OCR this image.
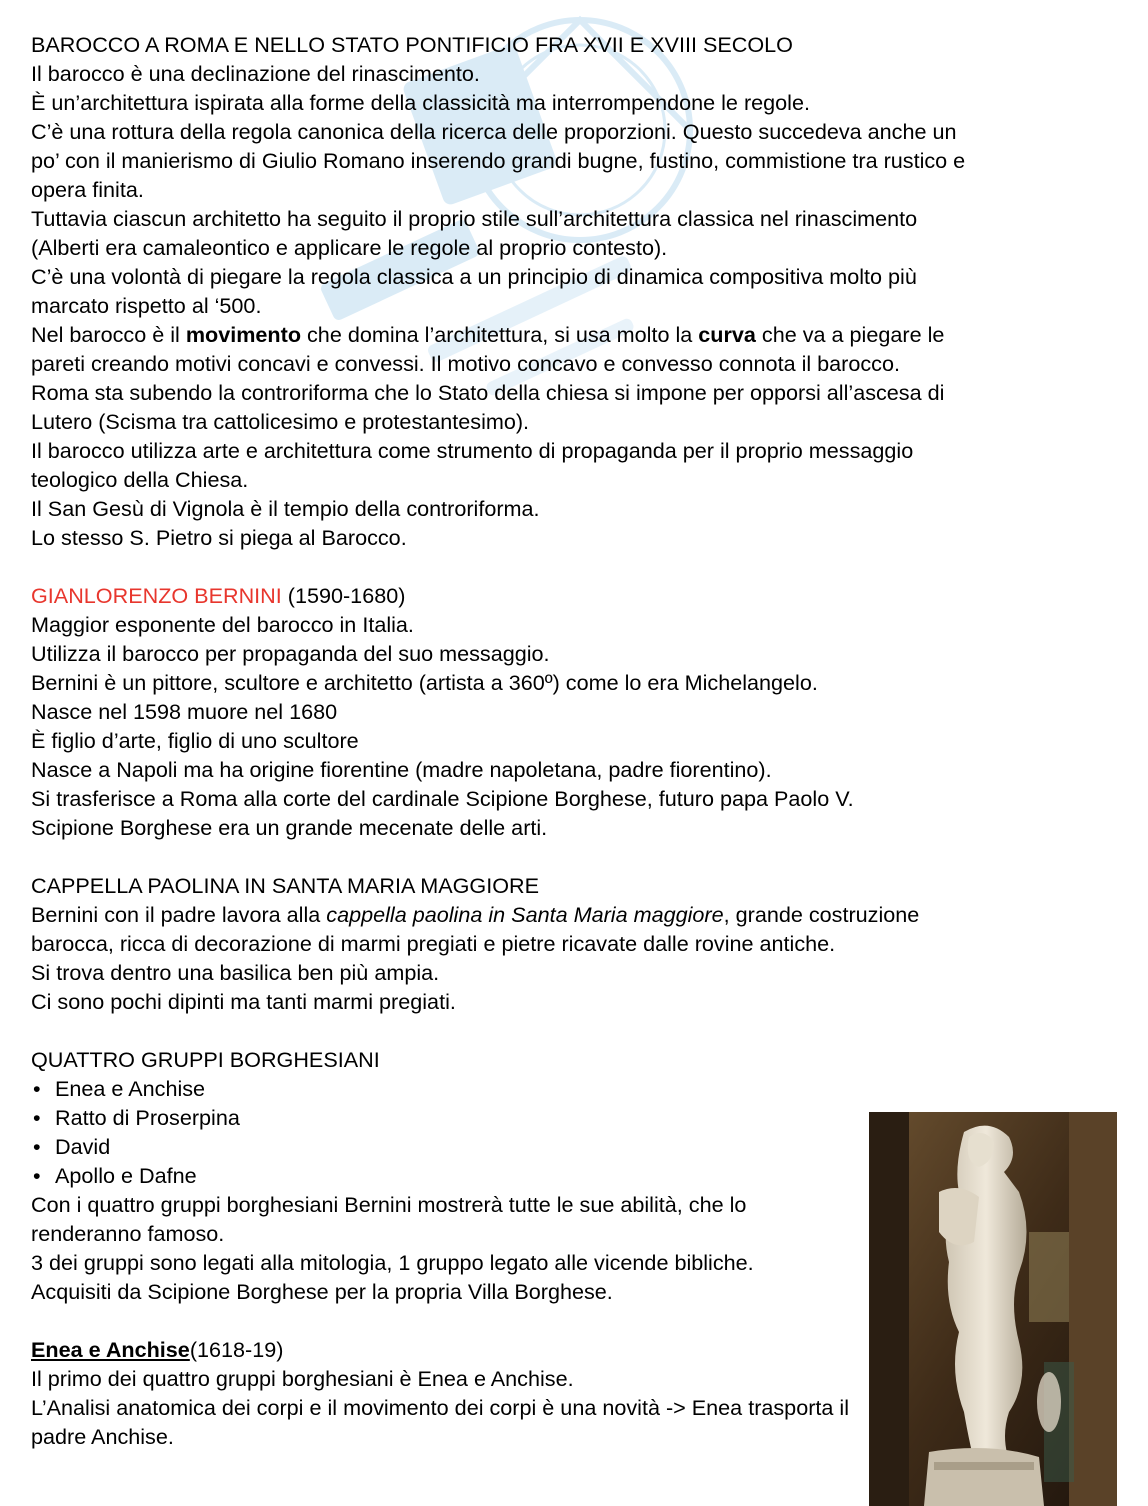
BAROCCO A ROMA E NELLO STATO PONTIFICIO FRA XVII E XVIII SECOLO

Il barocco è una declinazione del rinascimento.

È un’architettura ispirata alla forme della classicità ma interrompendone le regole.

C’è una rottura della regola canonica della ricerca delle proporzioni. Questo succedeva anche un

po’ con il manierismo di Giulio Romano inserendo grandi bugne, fustino, commistione tra rustico e

opera finita.

Tuttavia ciascun architetto ha seguito il proprio stile sull’architettura classica nel rinascimento

(Alberti era camaleontico e applicare le regole al proprio contesto).

C’è una volontà di piegare la regola classica a un principio di dinamica compositiva molto più

marcato rispetto al ‘500.

Nel barocco è il movimento che domina l’architettura, si usa molto la curva che va a piegare le

pareti creando motivi concavi e convessi. Il motivo concavo e convesso connota il barocco.

Roma sta subendo la controriforma che lo Stato della chiesa si impone per opporsi all’ascesa di

Lutero (Scisma tra cattolicesimo e protestantesimo).

Il barocco utilizza arte e architettura come strumento di propaganda per il proprio messaggio

teologico della Chiesa.

Il San Gesù di Vignola è il tempio della controriforma.

Lo stesso S. Pietro si piega al Barocco.

GIANLORENZO BERNINI (1590-1680)

Maggior esponente del barocco in Italia.

Utilizza il barocco per propaganda del suo messaggio.

Bernini è un pittore, scultore e architetto (artista a 360º) come lo era Michelangelo.

Nasce nel 1598 muore nel 1680

È figlio d’arte, figlio di uno scultore

Nasce a Napoli ma ha origine fiorentine (madre napoletana, padre fiorentino).

Si trasferisce a Roma alla corte del cardinale Scipione Borghese, futuro papa Paolo V.

Scipione Borghese era un grande mecenate delle arti.

CAPPELLA PAOLINA IN SANTA MARIA MAGGIORE

Bernini con il padre lavora alla cappella paolina in Santa Maria maggiore, grande costruzione

barocca, ricca di decorazione di marmi pregiati e pietre ricavate dalle rovine antiche.

Si trova dentro una basilica ben più ampia.

Ci sono pochi dipinti ma tanti marmi pregiati.

QUATTRO GRUPPI BORGHESIANI

• Enea e Anchise
• Ratto di Proserpina
• David
• Apollo e Dafne

Con i quattro gruppi borghesiani Bernini mostrerà tutte le sue abilità, che lo renderanno famoso.

3 dei gruppi sono legati alla mitologia, 1 gruppo legato alle vicende bibliche.

Acquisiti da Scipione Borghese per la propria Villa Borghese.

Enea e Anchise(1618-19)

Il primo dei quattro gruppi borghesiani è Enea e Anchise.

L’Analisi anatomica dei corpi e il movimento dei corpi è una novità -> Enea trasporta il padre Anchise.
